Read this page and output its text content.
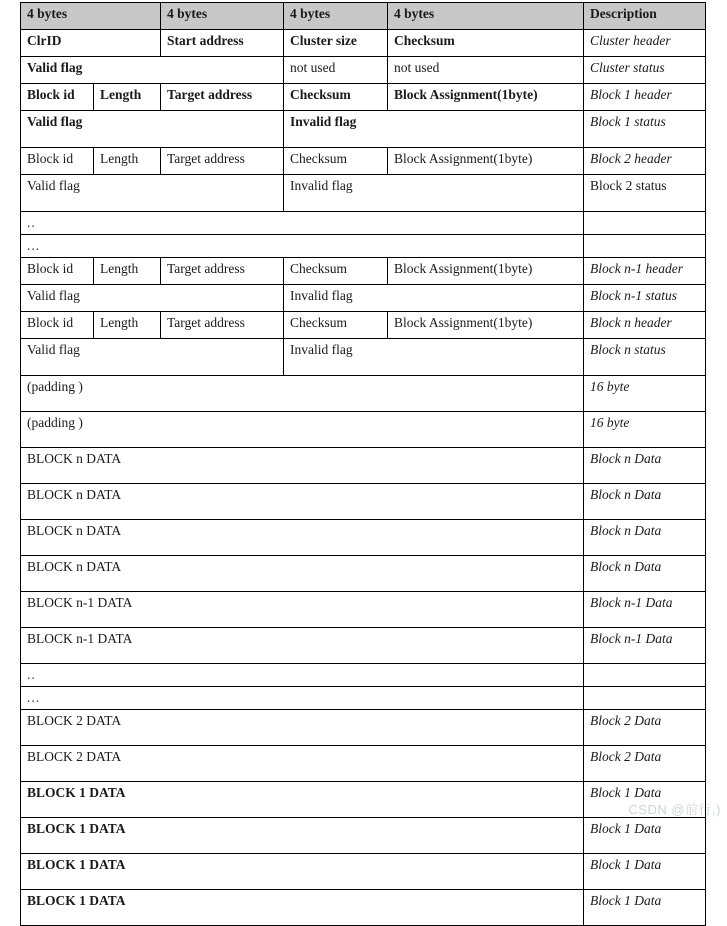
4 bytes		4 bytes	4 bytes	4 bytes	Description
ClrID		Start address	Cluster size	Checksum	Cluster header
Valid flag			not used	not used	Cluster status
Block id	Length	Target address	Checksum	Block Assignment(1byte)	Block 1 header
Valid flag			Invalid flag		Block 1 status
Block id	Length	Target address	Checksum	Block Assignment(1byte)	Block 2 header
Valid flag			Invalid flag		Block 2 status
..					
...					
Block id	Length	Target address	Checksum	Block Assignment(1byte)	Block n-1 header
Valid flag			Invalid flag		Block n-1 status
Block id	Length	Target address	Checksum	Block Assignment(1byte)	Block n header
Valid flag			Invalid flag		Block n status
(padding )					16 byte
(padding )					16 byte
BLOCK n DATA					Block n Data
BLOCK n DATA					Block n Data
BLOCK n DATA					Block n Data
BLOCK n DATA					Block n Data
BLOCK n-1 DATA					Block n-1 Data
BLOCK n-1 DATA					Block n-1 Data
..					
...					
BLOCK 2 DATA					Block 2 Data
BLOCK 2 DATA					Block 2 Data
BLOCK 1 DATA					Block 1 Data
BLOCK 1 DATA					Block 1 Data
BLOCK 1 DATA					Block 1 Data
BLOCK 1 DATA					Block 1 Data
CSDN @前行,)
